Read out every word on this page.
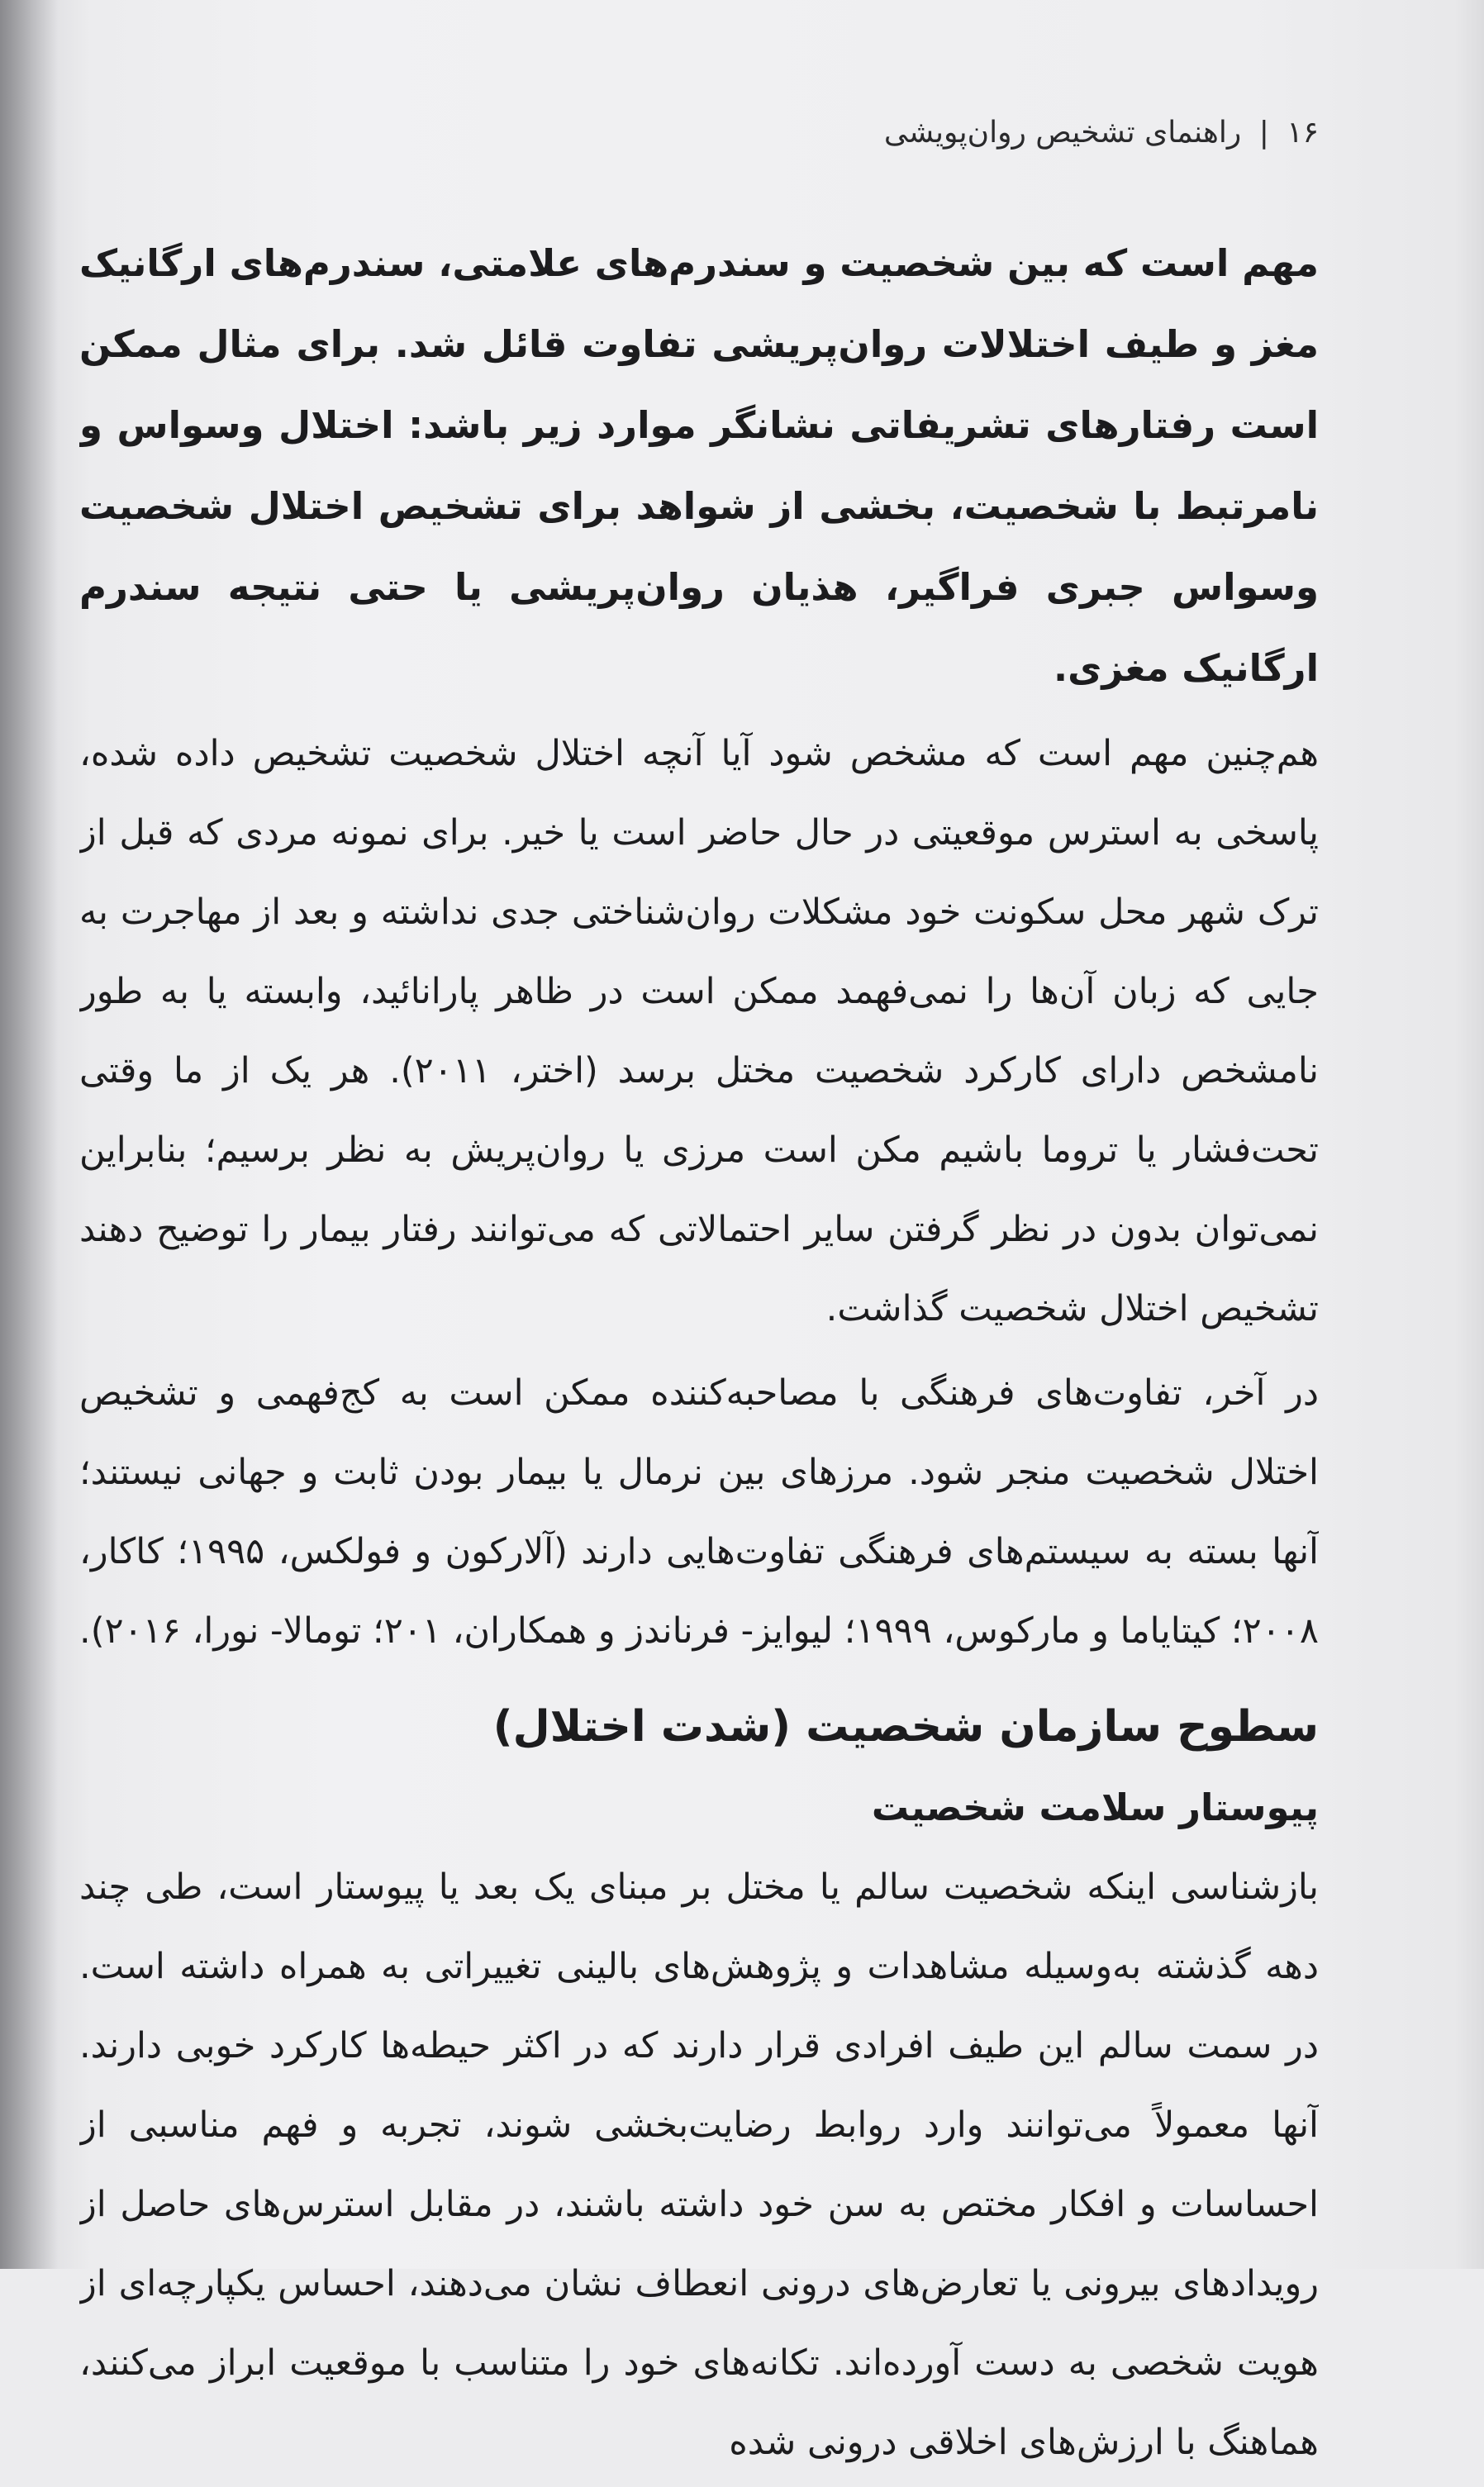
۱۶ | راهنمای تشخیص روان‌پویشی

مهم است که بین شخصیت و سندرم‌های علامتی، سندرم‌های ارگانیک مغز و طیف اختلالات روان‌پریشی تفاوت قائل شد. برای مثال ممکن است رفتارهای تشریفاتی نشانگر موارد زیر باشد: اختلال وسواس و نامرتبط با شخصیت، بخشی از شواهد برای تشخیص اختلال شخصیت وسواس جبری فراگیر، هذیان روان‌پریشی یا حتی نتیجه سندرم ارگانیک مغزی.

هم‌چنین مهم است که مشخص شود آیا آنچه اختلال شخصیت تشخیص داده شده، پاسخی به استرس موقعیتی در حال حاضر است یا خیر. برای نمونه مردی که قبل از ترک شهر محل سکونت خود مشکلات روان‌شناختی جدی نداشته و بعد از مهاجرت به جایی که زبان آن‌ها را نمی‌فهمد ممکن است در ظاهر پارانائید، وابسته یا به طور نامشخص دارای کارکرد شخصیت مختل برسد (اختر، ۲۰۱۱). هر یک از ما وقتی تحت‌فشار یا تروما باشیم مکن است مرزی یا روان‌پریش به نظر برسیم؛ بنابراین نمی‌توان بدون در نظر گرفتن سایر احتمالاتی که می‌توانند رفتار بیمار را توضیح دهند تشخیص اختلال شخصیت گذاشت.

در آخر، تفاوت‌های فرهنگی با مصاحبه‌کننده ممکن است به کج‌فهمی و تشخیص اختلال شخصیت منجر شود. مرزهای بین نرمال یا بیمار بودن ثابت و جهانی نیستند؛ آنها بسته به سیستم‌های فرهنگی تفاوت‌هایی دارند (آلارکون و فولکس، ۱۹۹۵؛ کاکار، ۲۰۰۸؛ کیتایاما و مارکوس، ۱۹۹۹؛ لیوایز- فرناندز و همکاران، ۲۰۱؛ تومالا- نورا، ۲۰۱۶).

سطوح سازمان شخصیت (شدت اختلال)
پیوستار سلامت شخصیت

بازشناسی اینکه شخصیت سالم یا مختل بر مبنای یک بعد یا پیوستار است، طی چند دهه گذشته به‌وسیله مشاهدات و پژوهش‌های بالینی تغییراتی به همراه داشته است. در سمت سالم این طیف افرادی قرار دارند که در اکثر حیطه‌ها کارکرد خوبی دارند. آنها معمولاً می‌توانند وارد روابط رضایت‌بخشی شوند، تجربه و فهم مناسبی از احساسات و افکار مختص به سن خود داشته باشند، در مقابل استرس‌های حاصل از رویدادهای بیرونی یا تعارض‌های درونی انعطاف نشان می‌دهند، احساس یکپارچه‌ای از هویت شخصی به دست آورده‌اند. تکانه‌های خود را متناسب با موقعیت ابراز می‌کنند، هماهنگ با ارزش‌های اخلاقی درونی شده
